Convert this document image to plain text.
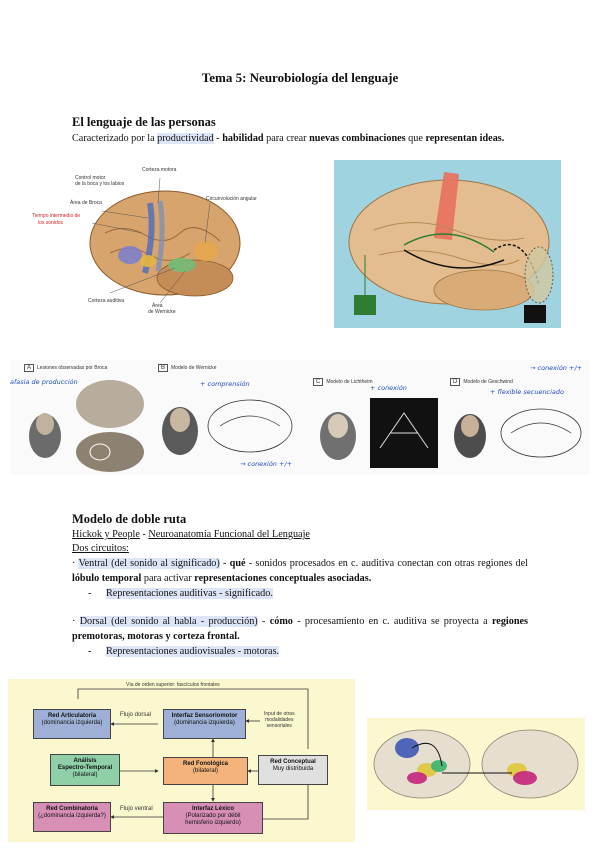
Tema 5: Neurobiología del lenguaje
El lenguaje de las personas
Caracterizado por la productividad - habilidad para crear nuevas combinaciones que representan ideas.
Control motor
de la boca y los labios
Corteza motora
Área de Broca
Tiempo intermedio de
los sonidos
Circunvolución angular
Corteza auditiva
Área
de Wernicke
A Lesiones observadas por Broca	B Modelo de Wernicke
C Modelo de Lichtheim	D Modelo de Geschwind
afasia de producción	+ comprensión	+ conexión
→ conexión +/+
+ flexible secuenciado
→ conexión +/+
Modelo de doble ruta
Hickok y People - Neuroanatomía Funcional del Lenguaje
Dos circuitos:
· Ventral (del sonido al significado) - qué - sonidos procesados en c. auditiva conectan con otras regiones del lóbulo temporal para activar representaciones conceptuales asociadas.
- Representaciones auditivas - significado.
· Dorsal (del sonido al habla - producción) - cómo - procesamiento en c. auditiva se proyecta a regiones premotoras, motoras y corteza frontal.
- Representaciones audiovisuales - motoras.
Vía de orden superior: fascículos frontales
Red Articulatoria
(dominancia izquierda)
Flujo dorsal	Interfaz Sensoriomotor
(dominancia izquierda)
Input de otras
modalidades
sensoriales
Análisis
Espectro-Temporal
(bilateral)
Red Fonológica
(bilateral)
Red Conceptual
Muy distribuida
Red Combinatoria
(¿dominancia izquierda?)
Flujo ventral	Interfaz Léxico
(Polarizado por débil
hemisferio izquierdo)
